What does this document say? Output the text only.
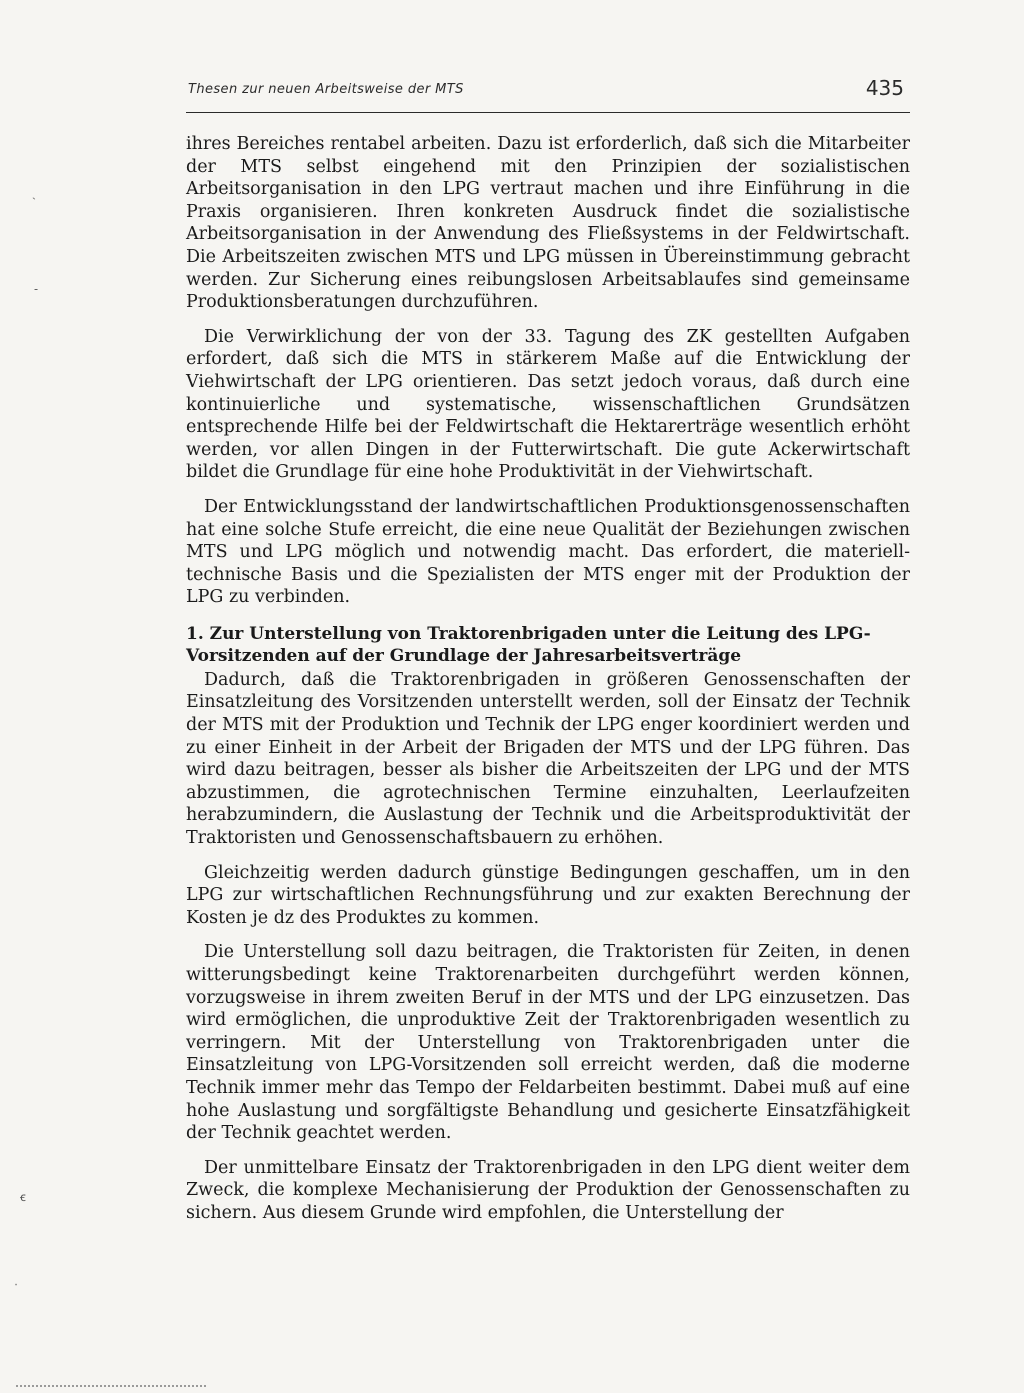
ˏ
-
ꞓ
ˑ
Thesen zur neuen Arbeitsweise der MTS	435

ihres Bereiches rentabel arbeiten. Dazu ist erforderlich, daß sich die Mitarbeiter der MTS selbst eingehend mit den Prinzipien der sozialistischen Arbeitsorganisation in den LPG vertraut machen und ihre Einführung in die Praxis organisieren. Ihren konkreten Ausdruck findet die sozialistische Arbeitsorganisation in der Anwendung des Fließsystems in der Feldwirtschaft. Die Arbeitszeiten zwischen MTS und LPG müssen in Übereinstimmung gebracht werden. Zur Sicherung eines reibungslosen Arbeitsablaufes sind gemeinsame Produktionsberatungen durchzuführen.

Die Verwirklichung der von der 33. Tagung des ZK gestellten Aufgaben erfordert, daß sich die MTS in stärkerem Maße auf die Entwicklung der Viehwirtschaft der LPG orientieren. Das setzt jedoch voraus, daß durch eine kontinuierliche und systematische, wissenschaftlichen Grundsätzen entsprechende Hilfe bei der Feldwirtschaft die Hektarerträge wesentlich erhöht werden, vor allen Dingen in der Futterwirtschaft. Die gute Ackerwirtschaft bildet die Grundlage für eine hohe Produktivität in der Viehwirtschaft.

Der Entwicklungsstand der landwirtschaftlichen Produktionsgenossenschaften hat eine solche Stufe erreicht, die eine neue Qualität der Beziehungen zwischen MTS und LPG möglich und notwendig macht. Das erfordert, die materiell-technische Basis und die Spezialisten der MTS enger mit der Produktion der LPG zu verbinden.

1. Zur Unterstellung von Traktorenbrigaden unter die Leitung des LPG-Vorsitzenden auf der Grundlage der Jahresarbeitsverträge

Dadurch, daß die Traktorenbrigaden in größeren Genossenschaften der Einsatzleitung des Vorsitzenden unterstellt werden, soll der Einsatz der Technik der MTS mit der Produktion und Technik der LPG enger koordiniert werden und zu einer Einheit in der Arbeit der Brigaden der MTS und der LPG führen. Das wird dazu beitragen, besser als bisher die Arbeitszeiten der LPG und der MTS abzustimmen, die agrotechnischen Termine einzuhalten, Leerlaufzeiten herabzumindern, die Auslastung der Technik und die Arbeitsproduktivität der Traktoristen und Genossenschaftsbauern zu erhöhen.

Gleichzeitig werden dadurch günstige Bedingungen geschaffen, um in den LPG zur wirtschaftlichen Rechnungsführung und zur exakten Berechnung der Kosten je dz des Produktes zu kommen.

Die Unterstellung soll dazu beitragen, die Traktoristen für Zeiten, in denen witterungsbedingt keine Traktorenarbeiten durchgeführt werden können, vorzugsweise in ihrem zweiten Beruf in der MTS und der LPG einzusetzen. Das wird ermöglichen, die unproduktive Zeit der Traktorenbrigaden wesentlich zu verringern. Mit der Unterstellung von Traktorenbrigaden unter die Einsatzleitung von LPG-Vorsitzenden soll erreicht werden, daß die moderne Technik immer mehr das Tempo der Feldarbeiten bestimmt. Dabei muß auf eine hohe Auslastung und sorgfältigste Behandlung und gesicherte Einsatzfähigkeit der Technik geachtet werden.

Der unmittelbare Einsatz der Traktorenbrigaden in den LPG dient weiter dem Zweck, die komplexe Mechanisierung der Produktion der Genossenschaften zu sichern. Aus diesem Grunde wird empfohlen, die Unterstellung der
